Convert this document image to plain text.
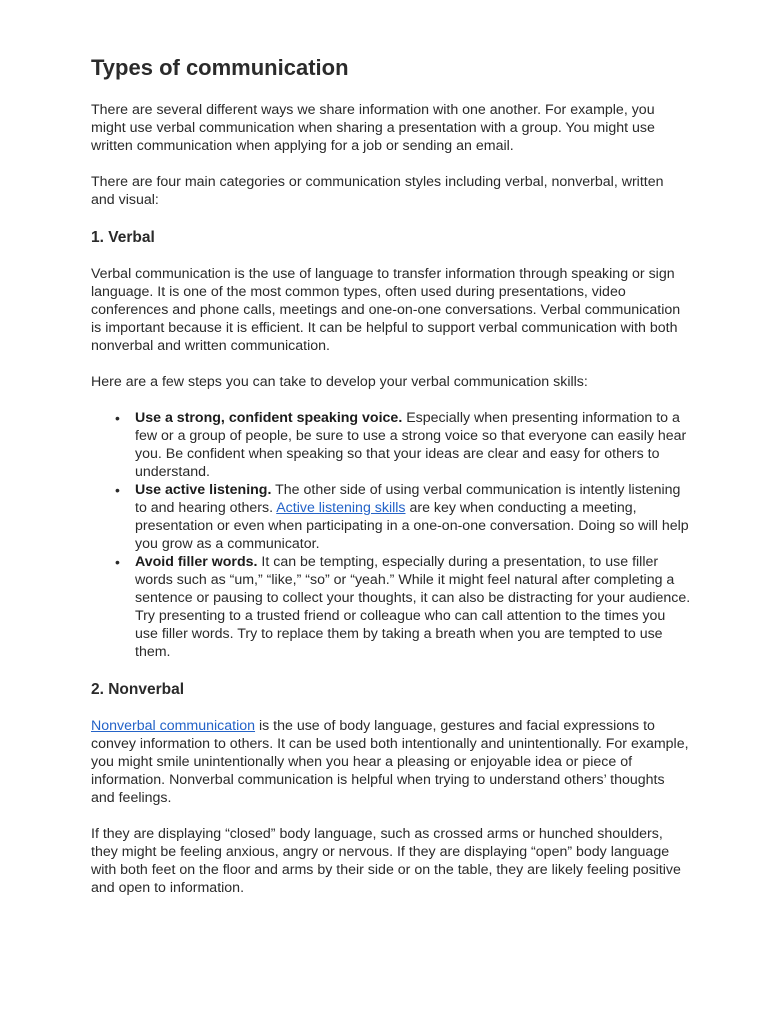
Types of communication

There are several different ways we share information with one another. For example, you might use verbal communication when sharing a presentation with a group. You might use written communication when applying for a job or sending an email.

There are four main categories or communication styles including verbal, nonverbal, written and visual:

1. Verbal

Verbal communication is the use of language to transfer information through speaking or sign language. It is one of the most common types, often used during presentations, video conferences and phone calls, meetings and one-on-one conversations. Verbal communication is important because it is efficient. It can be helpful to support verbal communication with both nonverbal and written communication.

Here are a few steps you can take to develop your verbal communication skills:

• Use a strong, confident speaking voice. Especially when presenting information to a few or a group of people, be sure to use a strong voice so that everyone can easily hear you. Be confident when speaking so that your ideas are clear and easy for others to understand.
• Use active listening. The other side of using verbal communication is intently listening to and hearing others. Active listening skills are key when conducting a meeting, presentation or even when participating in a one-on-one conversation. Doing so will help you grow as a communicator.
• Avoid filler words. It can be tempting, especially during a presentation, to use filler words such as “um,” “like,” “so” or “yeah.” While it might feel natural after completing a sentence or pausing to collect your thoughts, it can also be distracting for your audience. Try presenting to a trusted friend or colleague who can call attention to the times you use filler words. Try to replace them by taking a breath when you are tempted to use them.
2. Nonverbal

Nonverbal communication is the use of body language, gestures and facial expressions to convey information to others. It can be used both intentionally and unintentionally. For example, you might smile unintentionally when you hear a pleasing or enjoyable idea or piece of information. Nonverbal communication is helpful when trying to understand others’ thoughts and feelings.

If they are displaying “closed” body language, such as crossed arms or hunched shoulders, they might be feeling anxious, angry or nervous. If they are displaying “open” body language with both feet on the floor and arms by their side or on the table, they are likely feeling positive and open to information.
